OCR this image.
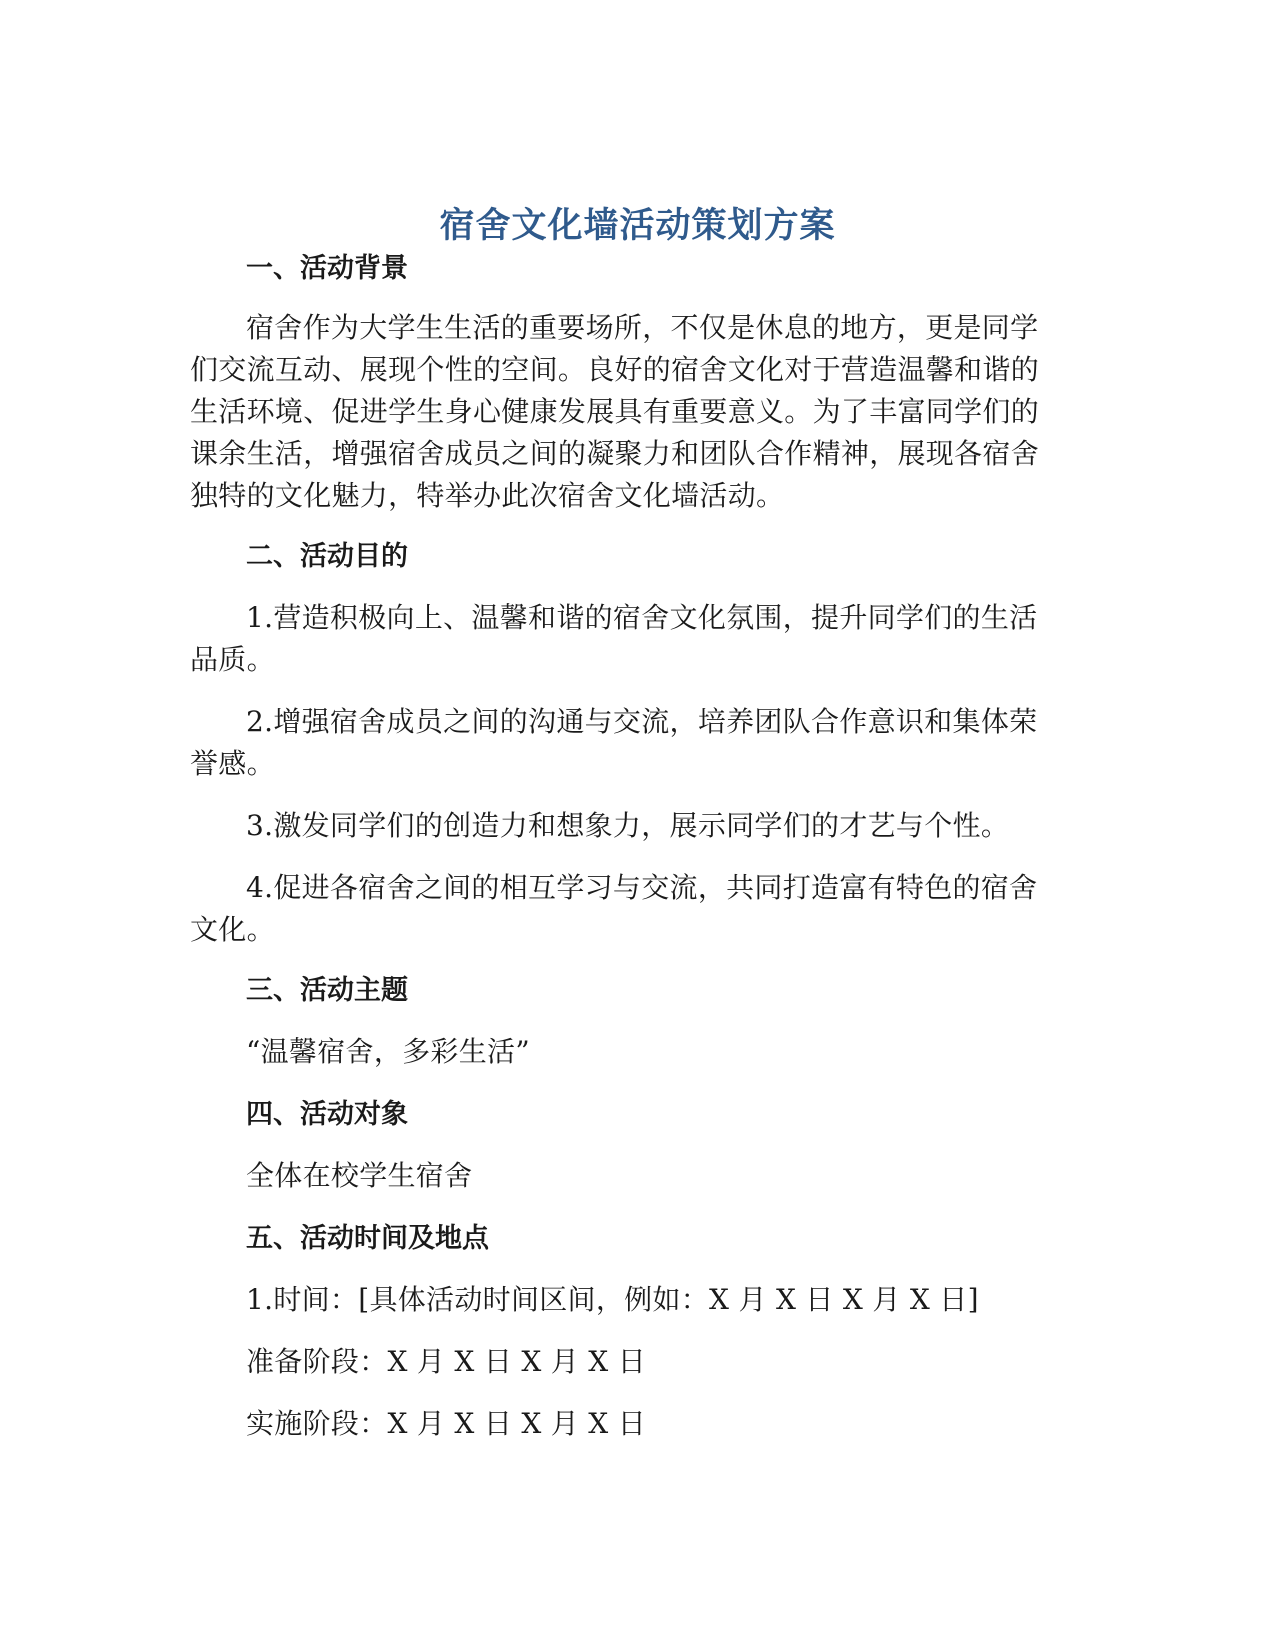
宿舍文化墙活动策划方案
一、活动背景

宿舍作为大学生生活的重要场所，不仅是休息的地方，更是同学

们交流互动、展现个性的空间。良好的宿舍文化对于营造温馨和谐的

生活环境、促进学生身心健康发展具有重要意义。为了丰富同学们的

课余生活，增强宿舍成员之间的凝聚力和团队合作精神，展现各宿舍

独特的文化魅力，特举办此次宿舍文化墙活动。

二、活动目的

1.营造积极向上、温馨和谐的宿舍文化氛围，提升同学们的生活

品质。

2.增强宿舍成员之间的沟通与交流，培养团队合作意识和集体荣

誉感。

3.激发同学们的创造力和想象力，展示同学们的才艺与个性。

4.促进各宿舍之间的相互学习与交流，共同打造富有特色的宿舍

文化。

三、活动主题

“温馨宿舍，多彩生活”

四、活动对象

全体在校学生宿舍

五、活动时间及地点

1.时间：[具体活动时间区间，例如：X 月 X 日 X 月 X 日]

准备阶段：X 月 X 日 X 月 X 日

实施阶段：X 月 X 日 X 月 X 日
